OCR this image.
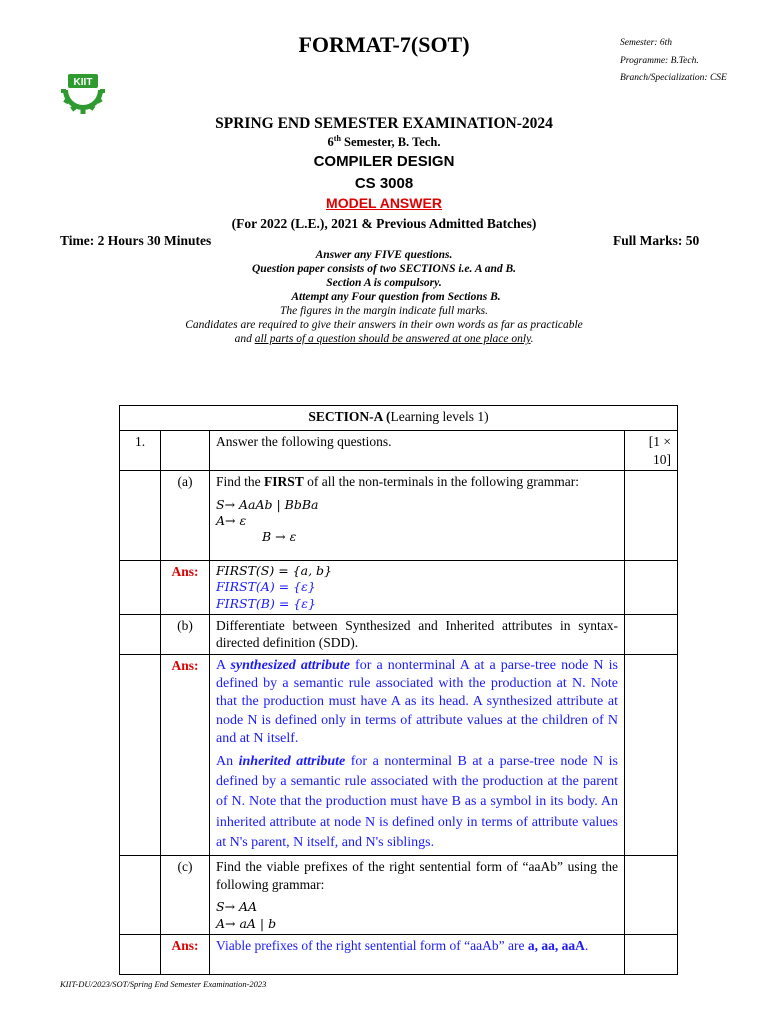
KIIT
FORMAT-7(SOT)	Semester: 6th
Programme: B.Tech.
Branch/Specialization: CSE
SPRING END SEMESTER EXAMINATION-2024
6th Semester, B. Tech.
COMPILER DESIGN
CS 3008
MODEL ANSWER
(For 2022 (L.E.), 2021 & Previous Admitted Batches)
Time: 2 Hours 30 Minutes	Full Marks: 50
Answer any FIVE questions.
Question paper consists of two SECTIONS i.e. A and B.
Section A is compulsory.
Attempt any Four question from Sections B.
The figures in the margin indicate full marks.
Candidates are required to give their answers in their own words as far as practicable
and all parts of a question should be answered at one place only.
SECTION-A (Learning levels 1)			
1.		Answer the following questions.	[1 × 10]
	(a)	Find the FIRST of all the non-terminals in the following grammar:

S→ AaAb | BbBa

A→ ε

B → ε	

	Ans:	FIRST(S) = {a, b}

FIRST(A) = {ε}

FIRST(B) = {ε}	

	(b)	Differentiate between Synthesized and Inherited attributes in syntax-directed definition (SDD).	
	Ans:	A synthesized attribute for a nonterminal A at a parse-tree node N is defined by a semantic rule associated with the production at N. Note that the production must have A as its head. A synthesized attribute at node N is defined only in terms of attribute values at the children of N and at N itself.

An inherited attribute for a nonterminal B at a parse-tree node N is defined by a semantic rule associated with the production at the parent of N. Note that the production must have B as a symbol in its body. An inherited attribute at node N is defined only in terms of attribute values at N's parent, N itself, and N's siblings.	

	(c)	Find the viable prefixes of the right sentential form of “aaAb” using the following grammar:

S→ AA

A→ aA | b	

	Ans:	Viable prefixes of the right sentential form of “aaAb” are a, aa, aaA.	
KIIT-DU/2023/SOT/Spring End Semester Examination-2023
